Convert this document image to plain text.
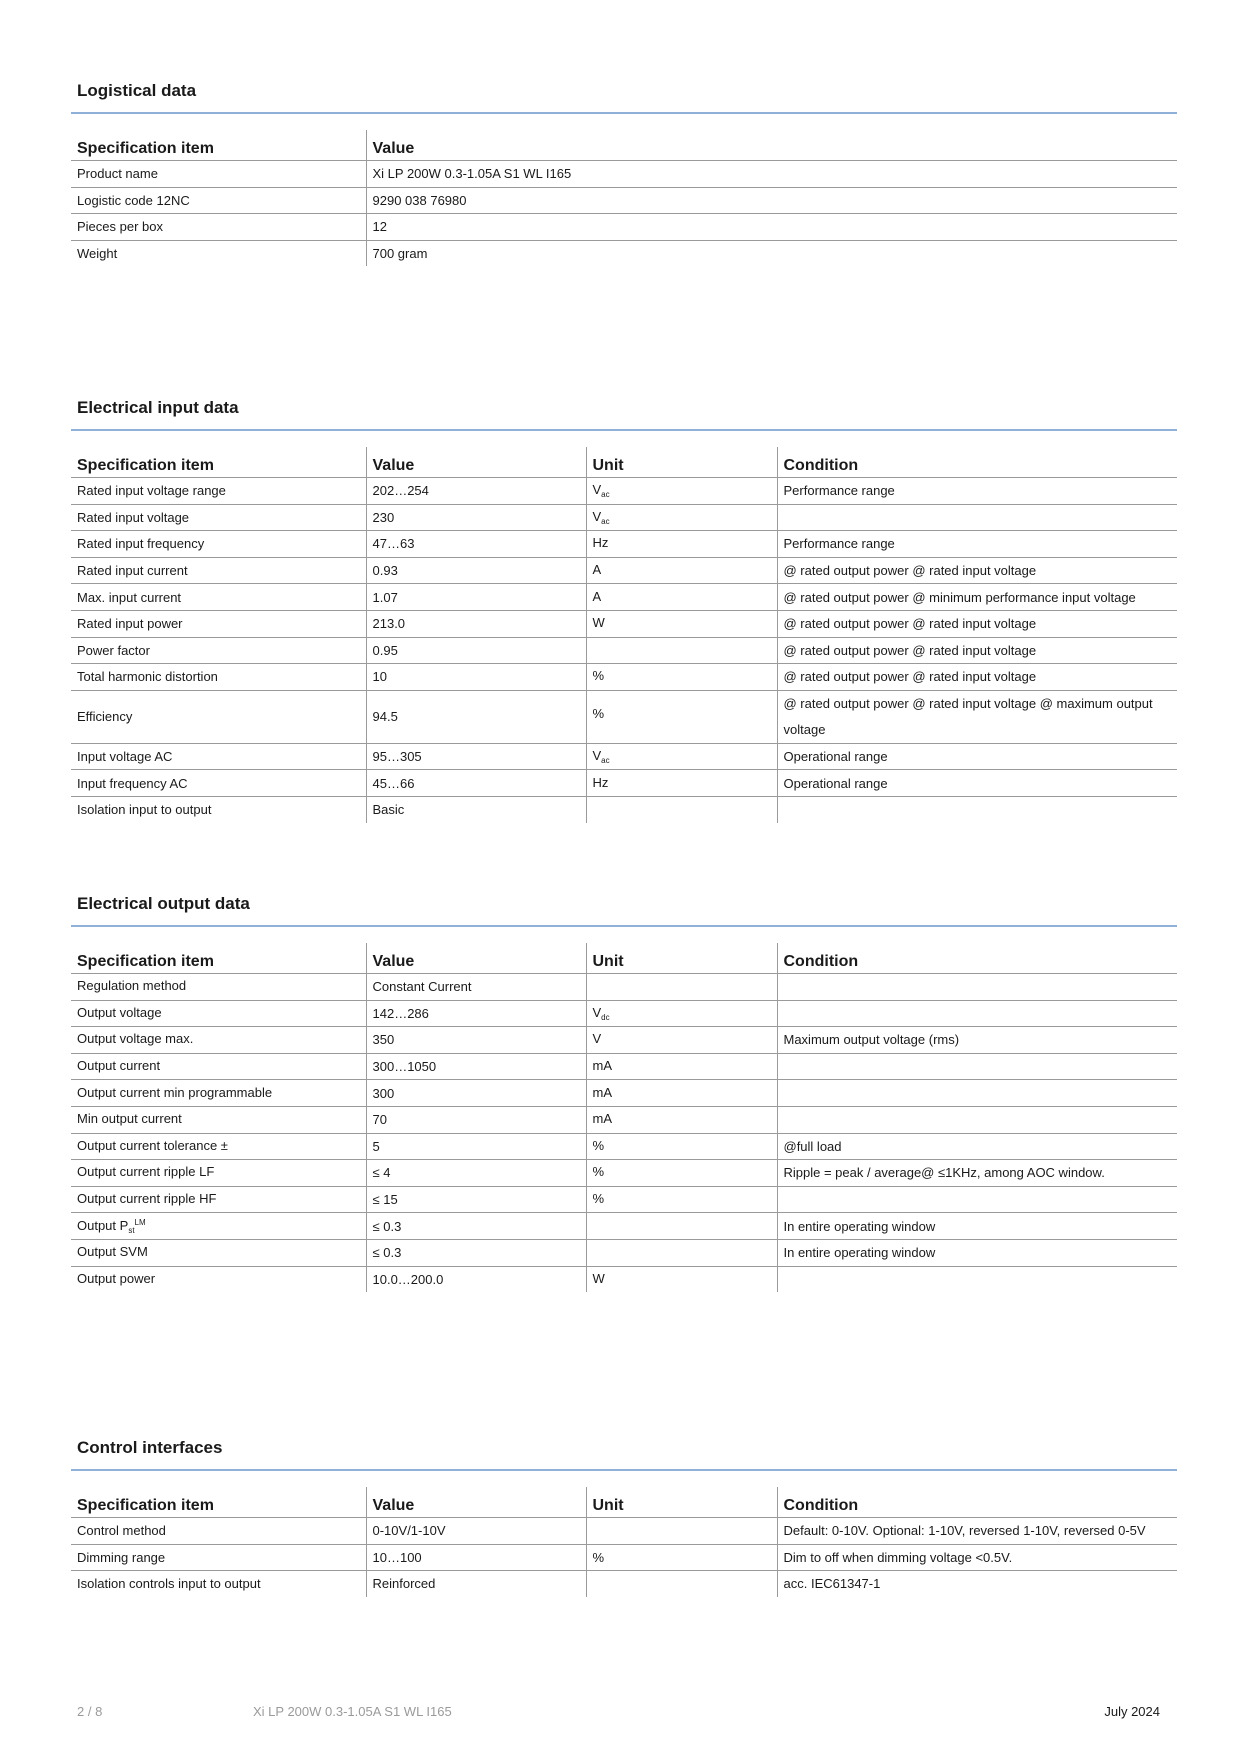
Logistical data
Specification item	Value
Product name	Xi LP 200W 0.3-1.05A S1 WL I165
Logistic code 12NC	9290 038 76980
Pieces per box	12
Weight	700 gram
Electrical input data
Specification item	Value	Unit	Condition
Rated input voltage range	202…254	$V_{ac}$	Performance range
Rated input voltage	230	$V_{ac}$	
Rated input frequency	47…63	Hz	Performance range
Rated input current	0.93	A	@ rated output power @ rated input voltage
Max. input current	1.07	A	@ rated output power @ minimum performance input voltage
Rated input power	213.0	W	@ rated output power @ rated input voltage
Power factor	0.95		@ rated output power @ rated input voltage
Total harmonic distortion	10	%	@ rated output power @ rated input voltage
Efficiency	94.5	%	@ rated output power @ rated input voltage @ maximum output voltage
Input voltage AC	95…305	$V_{ac}$	Operational range
Input frequency AC	45…66	Hz	Operational range
Isolation input to output	Basic		
Electrical output data
Specification item	Value	Unit	Condition
Regulation method	Constant Current		
Output voltage	142…286	$V_{dc}$	
Output voltage max.	350	V	Maximum output voltage (rms)
Output current	300…1050	mA	
Output current min programmable	300	mA	
Min output current	70	mA	
Output current tolerance ±	5	%	@full load
Output current ripple LF	≤ 4	%	Ripple = peak / average@ ≤1KHz, among AOC window.
Output current ripple HF	≤ 15	%	
Output $P_{st}^{LM}$	≤ 0.3		In entire operating window
Output SVM	≤ 0.3		In entire operating window
Output power	10.0…200.0	W	
Control interfaces
Specification item	Value	Unit	Condition
Control method	0-10V/1-10V		Default: 0-10V. Optional: 1-10V, reversed 1-10V, reversed 0-5V
Dimming range	10…100	%	Dim to off when dimming voltage <0.5V.
Isolation controls input to output	Reinforced		acc. IEC61347-1
2 / 8	Xi LP 200W 0.3-1.05A S1 WL I165	July 2024
